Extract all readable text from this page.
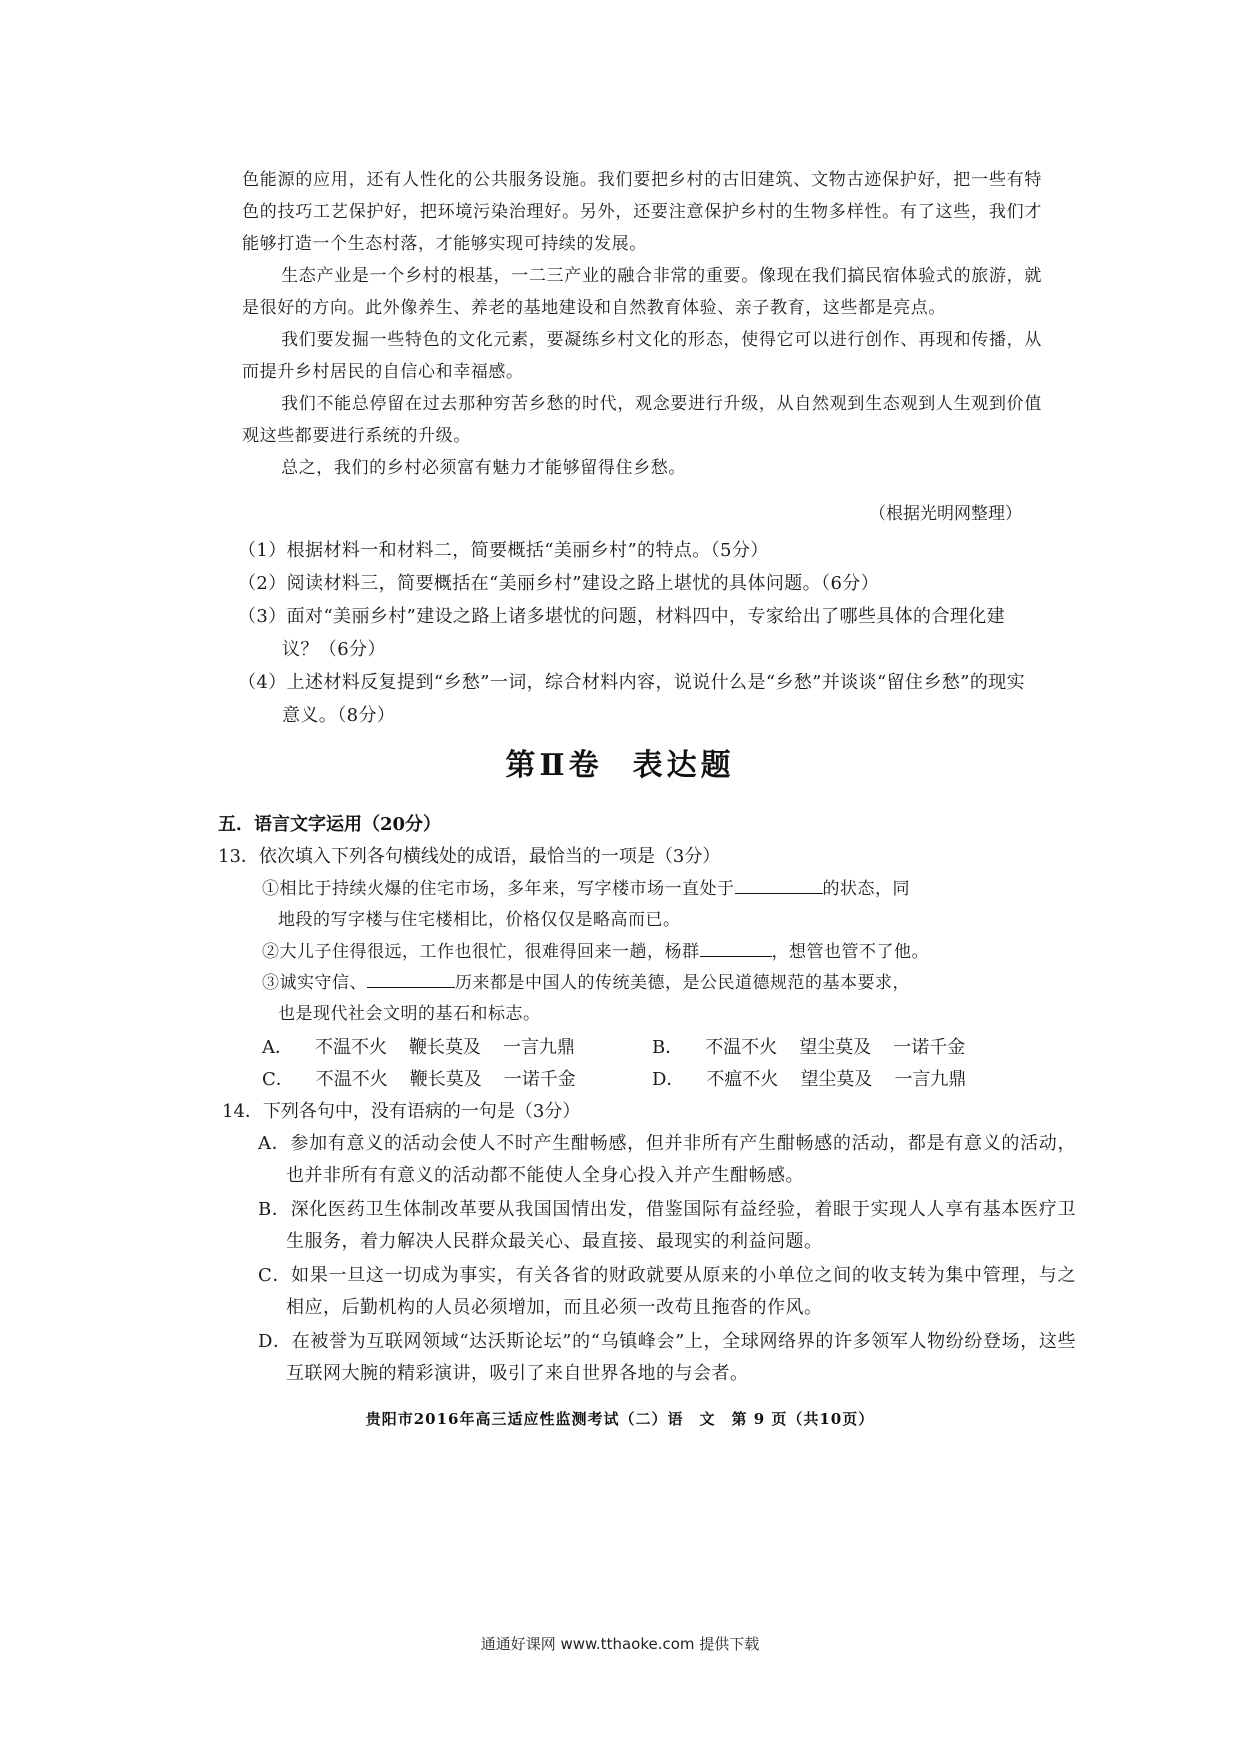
色能源的应用，还有人性化的公共服务设施。我们要把乡村的古旧建筑、文物古迹保护好，把一些有特色的技巧工艺保护好，把环境污染治理好。另外，还要注意保护乡村的生物多样性。有了这些，我们才能够打造一个生态村落，才能够实现可持续的发展。

生态产业是一个乡村的根基，一二三产业的融合非常的重要。像现在我们搞民宿体验式的旅游，就是很好的方向。此外像养生、养老的基地建设和自然教育体验、亲子教育，这些都是亮点。

我们要发掘一些特色的文化元素，要凝练乡村文化的形态，使得它可以进行创作、再现和传播，从而提升乡村居民的自信心和幸福感。

我们不能总停留在过去那种穷苦乡愁的时代，观念要进行升级，从自然观到生态观到人生观到价值观这些都要进行系统的升级。

总之，我们的乡村必须富有魅力才能够留得住乡愁。

（根据光明网整理）

（1）根据材料一和材料二，简要概括“美丽乡村”的特点。（5分）

（2）阅读材料三，简要概括在“美丽乡村”建设之路上堪忧的具体问题。（6分）

（3）面对“美丽乡村”建设之路上诸多堪忧的问题，材料四中，专家给出了哪些具体的合理化建议？（6分）

（4）上述材料反复提到“乡愁”一词，综合材料内容，说说什么是“乡愁”并谈谈“留住乡愁”的现实意义。（8分）

第Ⅱ卷 表达题
五．语言文字运用（20分）
13．依次填入下列各句横线处的成语，最恰当的一项是（3分）
①相比于持续火爆的住宅市场，多年来，写字楼市场一直处于	的状态，同
地段的写字楼与住宅楼相比，价格仅仅是略高而已。
②大儿子住得很远，工作也很忙，很难得回来一趟，杨群	，想管也管不了他。
③诚实守信、	历来都是中国人的传统美德，是公民道德规范的基本要求，
也是现代社会文明的基石和标志。
A． 不温不火 鞭长莫及 一言九鼎	B． 不温不火 望尘莫及 一诺千金
C． 不温不火 鞭长莫及 一诺千金	D． 不瘟不火 望尘莫及 一言九鼎
14．下列各句中，没有语病的一句是（3分）
A．参加有意义的活动会使人不时产生酣畅感，但并非所有产生酣畅感的活动，都是有意义的活动，也并非所有有意义的活动都不能使人全身心投入并产生酣畅感。
B．深化医药卫生体制改革要从我国国情出发，借鉴国际有益经验，着眼于实现人人享有基本医疗卫生服务，着力解决人民群众最关心、最直接、最现实的利益问题。
C．如果一旦这一切成为事实，有关各省的财政就要从原来的小单位之间的收支转为集中管理，与之相应，后勤机构的人员必须增加，而且必须一改苟且拖沓的作风。
D．在被誉为互联网领域“达沃斯论坛”的“乌镇峰会”上，全球网络界的许多领军人物纷纷登场，这些互联网大腕的精彩演讲，吸引了来自世界各地的与会者。
贵阳市2016年高三适应性监测考试（二）语　文　第 9 页（共10页）
通通好课网 www.tthaoke.com 提供下载
